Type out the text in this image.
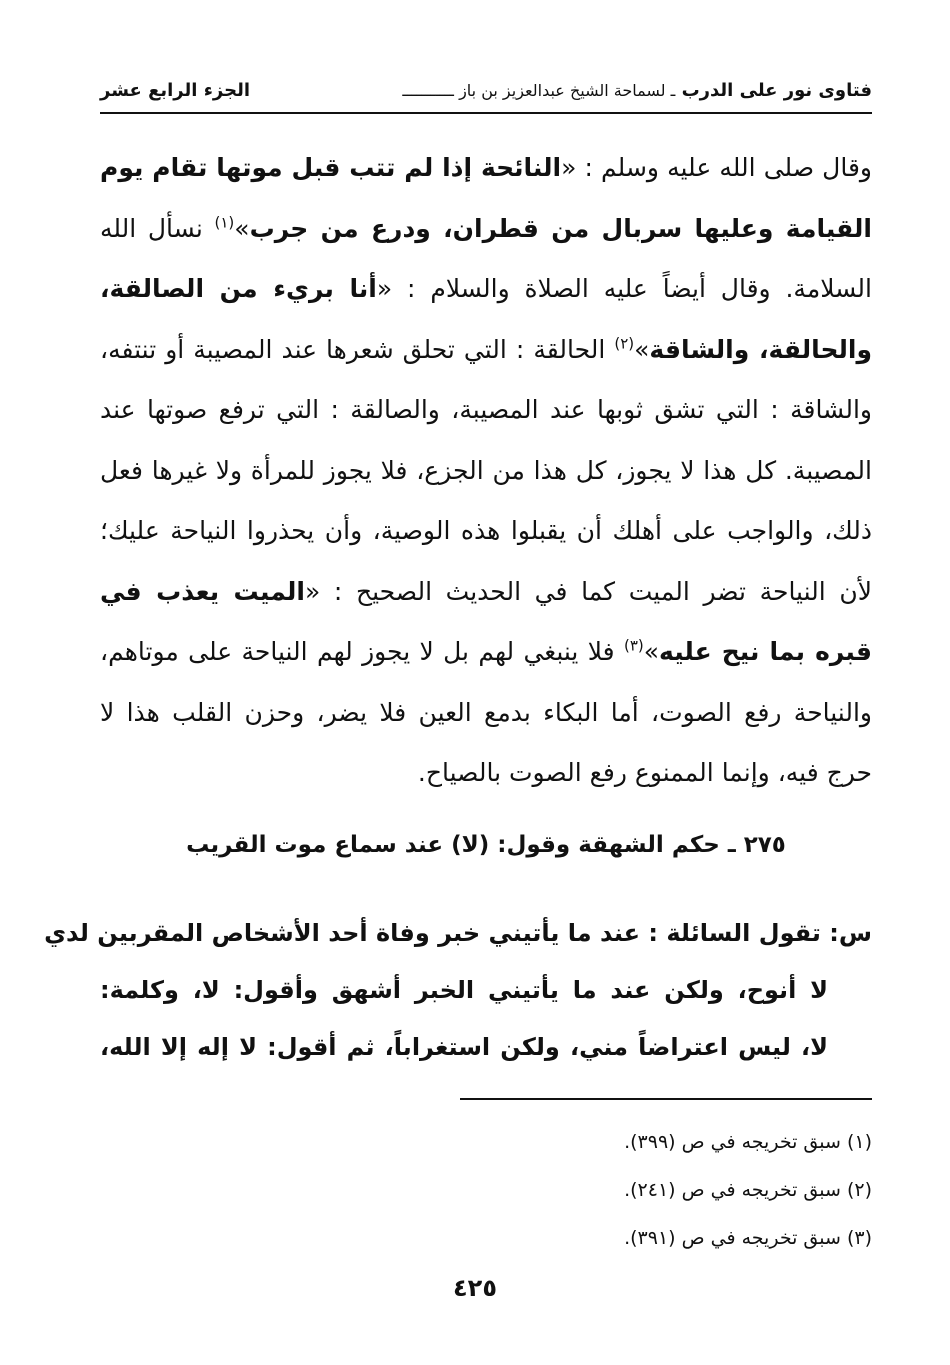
فتاوى نور على الدرب ـ لسماحة الشيخ عبدالعزيز بن باز ـــــــــــ
الجزء الرابع عشر
وقال صلى الله عليه وسلم : «النائحة إذا لم تتب قبل موتها تقام يوم القيامة وعليها سربال من قطران، ودرع من جرب»$^{(١)}$ نسأل الله السلامة. وقال أيضاً عليه الصلاة والسلام : «أنا بريء من الصالقة، والحالقة، والشاقة»$^{(٢)}$ الحالقة : التي تحلق شعرها عند المصيبة أو تنتفه، والشاقة : التي تشق ثوبها عند المصيبة، والصالقة : التي ترفع صوتها عند المصيبة. كل هذا لا يجوز، كل هذا من الجزع، فلا يجوز للمرأة ولا غيرها فعل ذلك، والواجب على أهلك أن يقبلوا هذه الوصية، وأن يحذروا النياحة عليك؛ لأن النياحة تضر الميت كما في الحديث الصحيح : «الميت يعذب في قبره بما نيح عليه»$^{(٣)}$ فلا ينبغي لهم بل لا يجوز لهم النياحة على موتاهم، والنياحة رفع الصوت، أما البكاء بدمع العين فلا يضر، وحزن القلب هذا لا حرج فيه، وإنما الممنوع رفع الصوت بالصياح.
٢٧٥ ـ حكم الشهقة وقول: (لا) عند سماع موت القريب
س: تقول السائلة : عند ما يأتيني خبر وفاة أحد الأشخاص المقربين لدي
لا أنوح، ولكن عند ما يأتيني الخبر أشهق وأقول: لا، وكلمة:
لا، ليس اعتراضاً مني، ولكن استغراباً، ثم أقول: لا إله إلا الله،
(١) سبق تخريجه في ص (٣٩٩).
(٢) سبق تخريجه في ص (٢٤١).
(٣) سبق تخريجه في ص (٣٩١).
٤٢٥
